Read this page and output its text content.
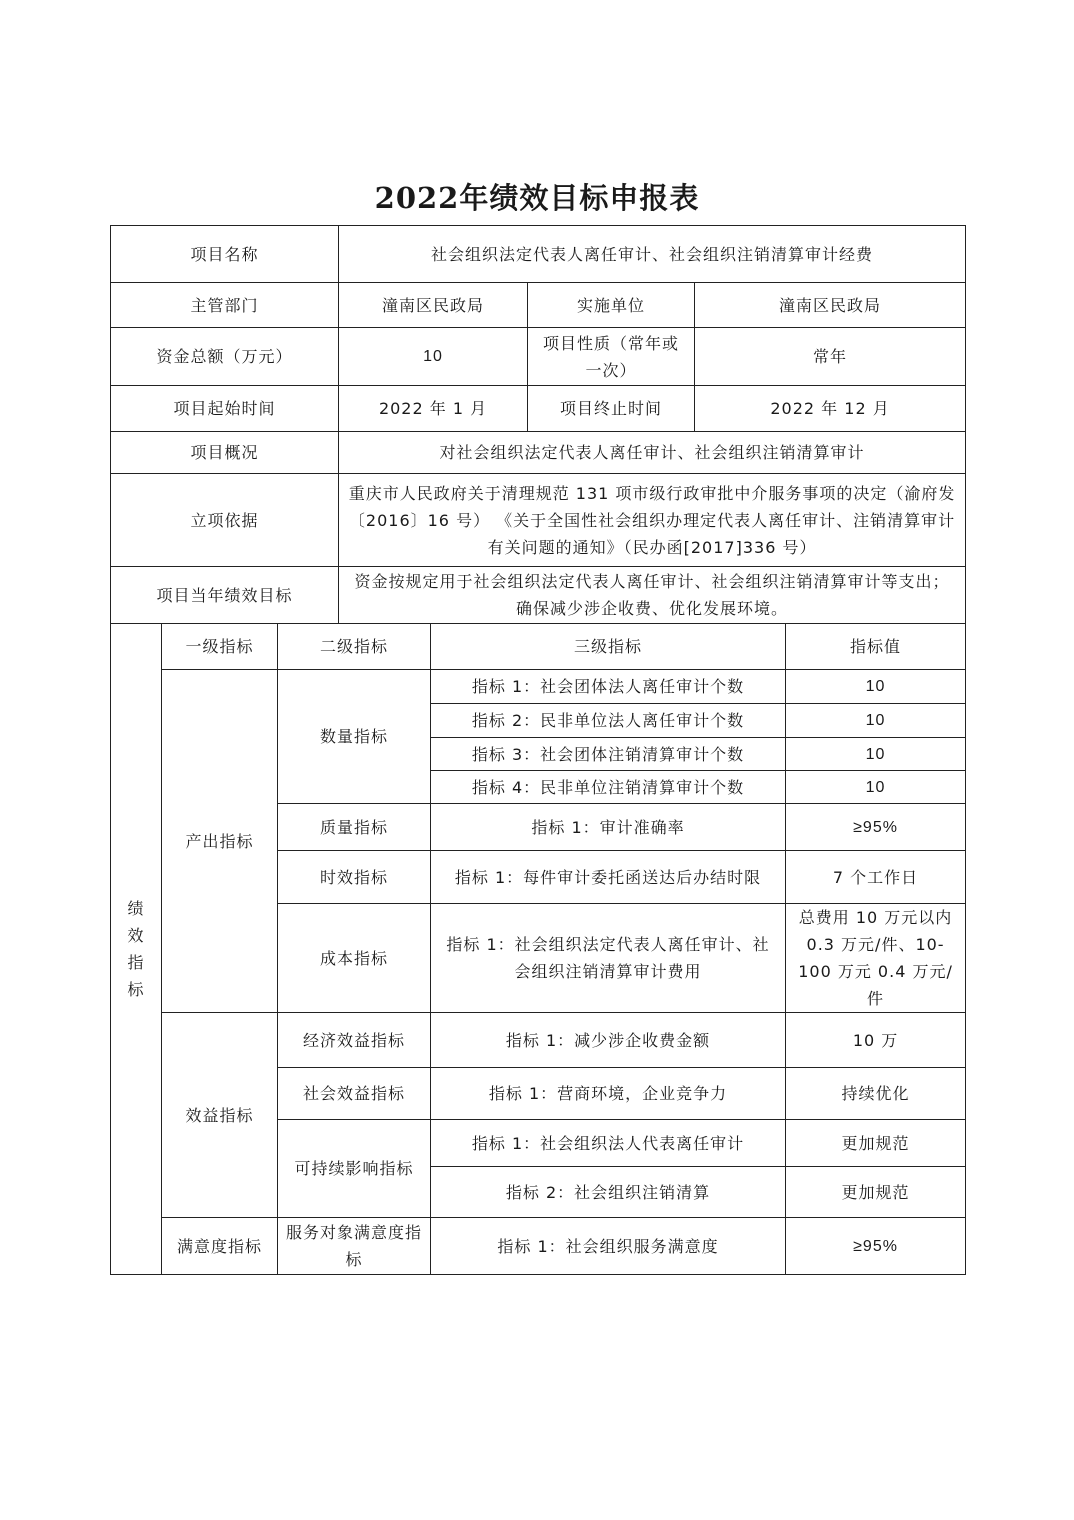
2022年绩效目标申报表
项目名称			社会组织法定代表人离任审计、社会组织注销清算审计经费				
主管部门			潼南区民政局		实施单位	潼南区民政局	
资金总额（万元）			10		项目性质（常年或一次）	常年	
项目起始时间			2022 年 1 月		项目终止时间	2022 年 12 月	
项目概况			对社会组织法定代表人离任审计、社会组织注销清算审计				
立项依据			重庆市人民政府关于清理规范 131 项市级行政审批中介服务事项的决定（渝府发〔2016〕16 号） 《关于全国性社会组织办理定代表人离任审计、注销清算审计有关问题的通知》（民办函[2017]336 号）				
项目当年绩效目标			资金按规定用于社会组织法定代表人离任审计、社会组织注销清算审计等支出；确保减少涉企收费、优化发展环境。				

绩
效
指
标	一级指标	二级指标		三级指标			指标值
	产出指标	数量指标		指标 1：社会团体法人离任审计个数			10
				指标 2：民非单位法人离任审计个数			10
				指标 3：社会团体注销清算审计个数			10
				指标 4：民非单位注销清算审计个数			10
		质量指标		指标 1：审计准确率			≥95%
		时效指标		指标 1：每件审计委托函送达后办结时限			7 个工作日
		成本指标		指标 1：社会组织法定代表人离任审计、社会组织注销清算审计费用			总费用 10 万元以内 0.3 万元/件、10-100 万元 0.4 万元/件
	效益指标	经济效益指标		指标 1：减少涉企收费金额			10 万
		社会效益指标		指标 1：营商环境，企业竞争力			持续优化
		可持续影响指标		指标 1：社会组织法人代表离任审计			更加规范
				指标 2：社会组织注销清算			更加规范
	满意度指标	服务对象满意度指标		指标 1：社会组织服务满意度			≥95%
